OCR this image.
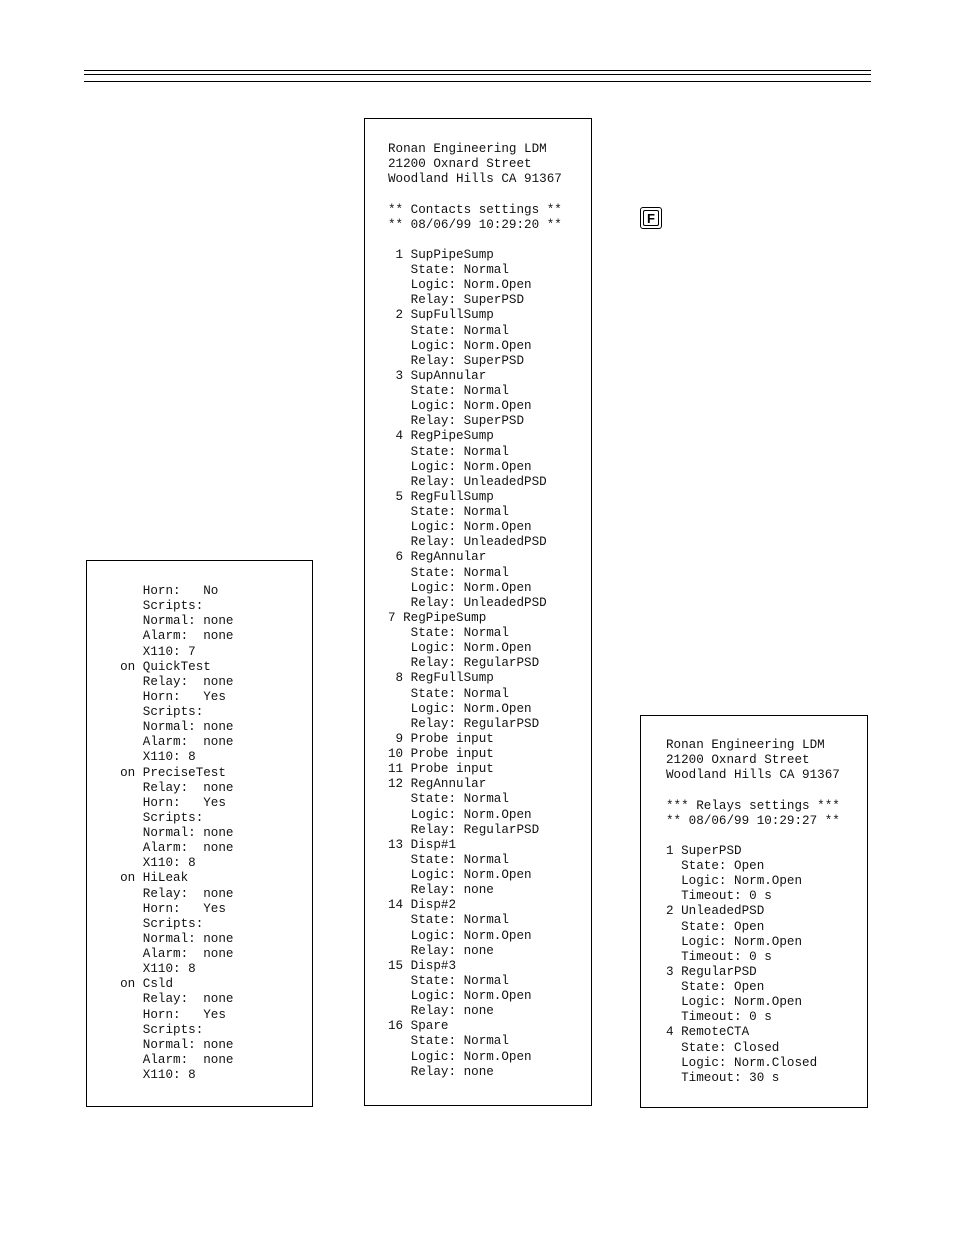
Horn:   No
Scripts:
Normal: none
Alarm:  none
X110: 7
on QuickTest
Relay:  none
Horn:   Yes
Scripts:
Normal: none
Alarm:  none
X110: 8
on PreciseTest
Relay:  none
Horn:   Yes
Scripts:
Normal: none
Alarm:  none
X110: 8
on HiLeak
Relay:  none
Horn:   Yes
Scripts:
Normal: none
Alarm:  none
X110: 8
on Csld
Relay:  none
Horn:   Yes
Scripts:
Normal: none
Alarm:  none
X110: 8

Ronan Engineering LDM
21200 Oxnard Street
Woodland Hills CA 91367

** Contacts settings **
** 08/06/99 10:29:20 **

1 SupPipeSump
State: Normal
Logic: Norm.Open
Relay: SuperPSD
2 SupFullSump
State: Normal
Logic: Norm.Open
Relay: SuperPSD
3 SupAnnular
State: Normal
Logic: Norm.Open
Relay: SuperPSD
4 RegPipeSump
State: Normal
Logic: Norm.Open
Relay: UnleadedPSD
5 RegFullSump
State: Normal
Logic: Norm.Open
Relay: UnleadedPSD
6 RegAnnular
State: Normal
Logic: Norm.Open
Relay: UnleadedPSD
7 RegPipeSump
State: Normal
Logic: Norm.Open
Relay: RegularPSD
8 RegFullSump
State: Normal
Logic: Norm.Open
Relay: RegularPSD
9 Probe input
10 Probe input
11 Probe input
12 RegAnnular
State: Normal
Logic: Norm.Open
Relay: RegularPSD
13 Disp#1
State: Normal
Logic: Norm.Open
Relay: none
14 Disp#2
State: Normal
Logic: Norm.Open
Relay: none
15 Disp#3
State: Normal
Logic: Norm.Open
Relay: none
16 Spare
State: Normal
Logic: Norm.Open
Relay: none

F
Ronan Engineering LDM
21200 Oxnard Street
Woodland Hills CA 91367

*** Relays settings ***
** 08/06/99 10:29:27 **

1 SuperPSD
State: Open
Logic: Norm.Open
Timeout: 0 s
2 UnleadedPSD
State: Open
Logic: Norm.Open
Timeout: 0 s
3 RegularPSD
State: Open
Logic: Norm.Open
Timeout: 0 s
4 RemoteCTA
State: Closed
Logic: Norm.Closed
Timeout: 30 s
